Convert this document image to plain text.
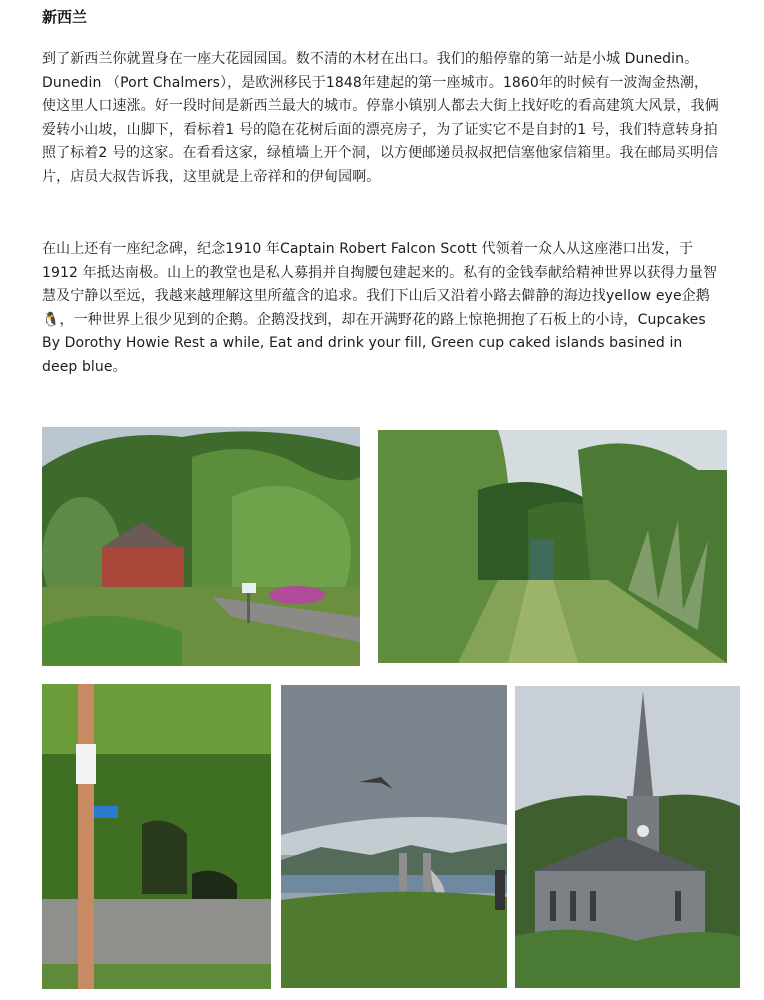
新西兰

到了新西兰你就置身在一座大花园园国。数不清的木材在出口。我们的船停靠的第一站是小城 Dunedin。Dunedin （Port Chalmers），是欧洲移民于1848年建起的第一座城市。1860年的时候有一波淘金热潮，使这里人口速涨。好一段时间是新西兰最大的城市。停靠小镇别人都去大街上找好吃的看高建筑大风景，我俩爱转小山坡，山脚下，看标着1 号的隐在花树后面的漂亮房子，为了证实它不是自封的1 号，我们特意转身拍照了标着2 号的这家。在看看这家，绿植墙上开个洞，以方便邮递员叔叔把信塞他家信箱里。我在邮局买明信片，店员大叔告诉我，这里就是上帝祥和的伊甸园啊。

在山上还有一座纪念碑，纪念1910 年Captain Robert Falcon Scott 代领着一众人从这座港口出发，于1912 年抵达南极。山上的教堂也是私人募捐并自掏腰包建起来的。私有的金钱奉献给精神世界以获得力量智慧及宁静以至远，我越来越理解这里所蕴含的追求。我们下山后又沿着小路去僻静的海边找yellow eye企鹅🐧，一种世界上很少见到的企鹅。企鹅没找到，却在开满野花的路上惊艳拥抱了石板上的小诗，Cupcakes By Dorothy Howie Rest a while, Eat and drink your fill, Green cup caked islands basined in deep blue。
